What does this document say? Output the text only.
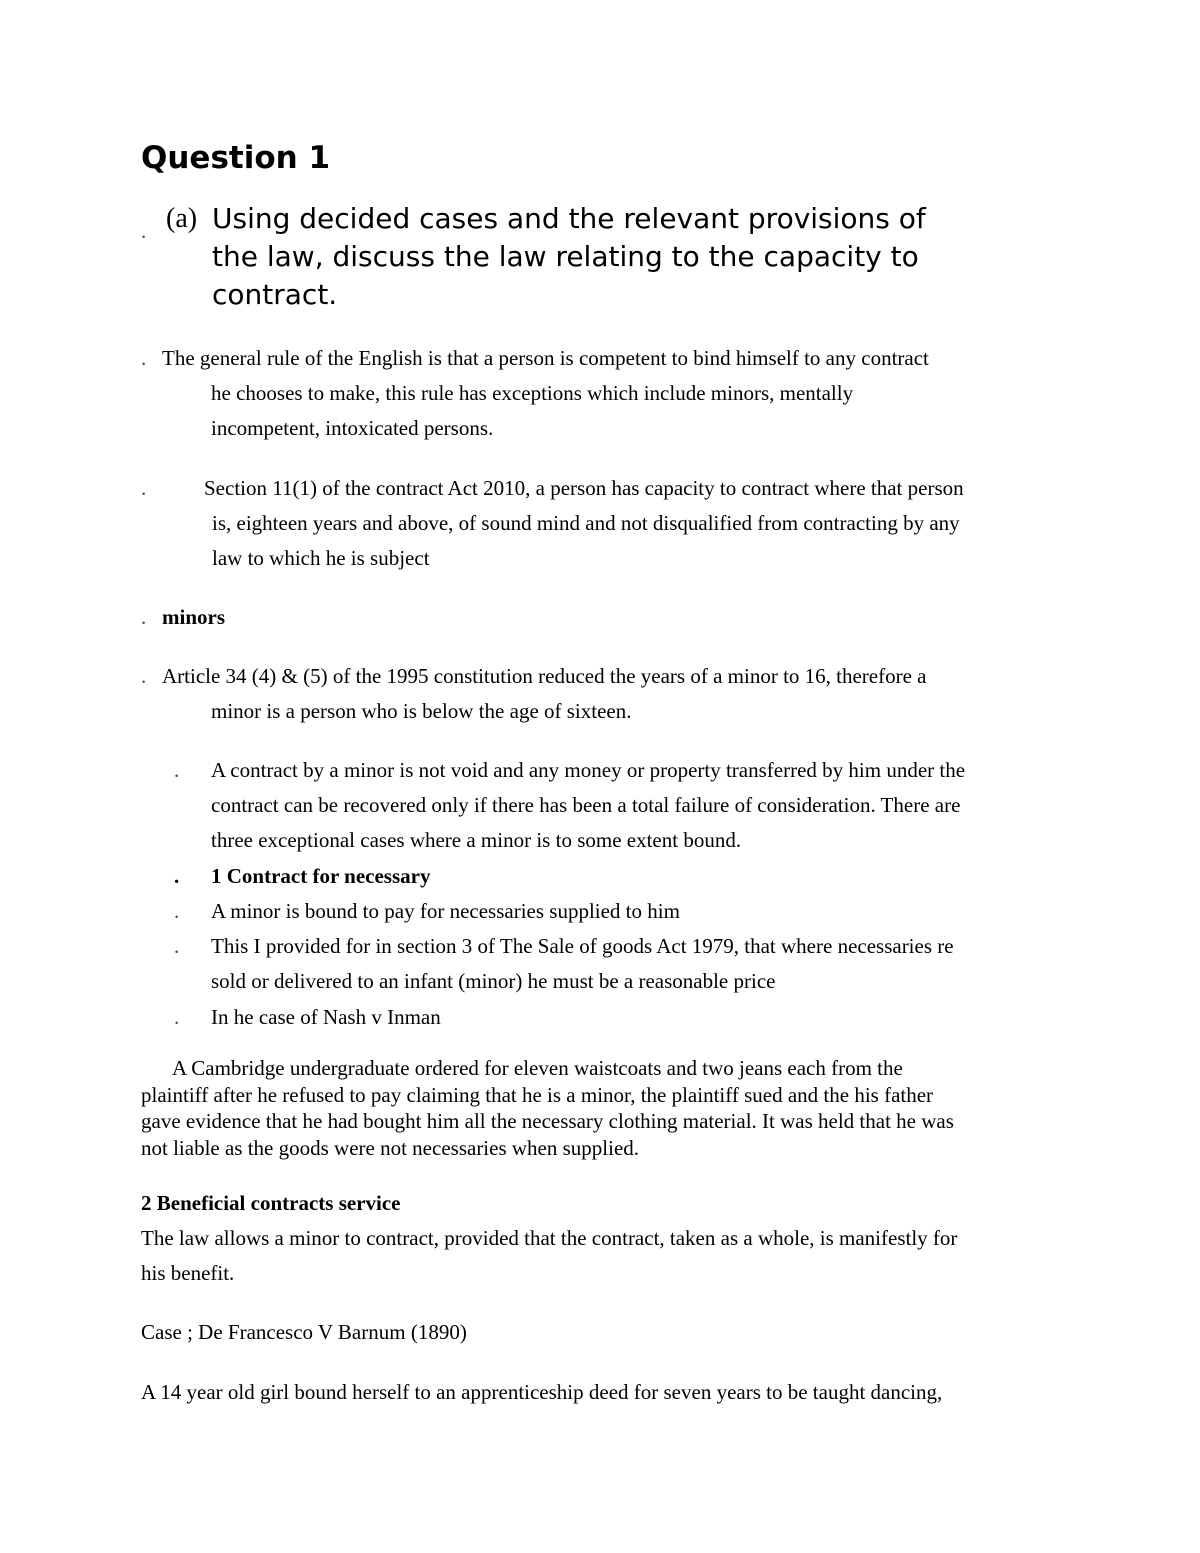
Question 1
. (a) Using decided cases and the relevant provisions of
the law, discuss the law relating to the capacity to
contract.
. The general rule of the English is that a person is competent to bind himself to any contract
he chooses to make, this rule has exceptions which include minors, mentally
incompetent, intoxicated persons.
.	Section 11(1) of the contract Act 2010, a person has capacity to contract where that person
is, eighteen years and above, of sound mind and not disqualified from contracting by any
law to which he is subject
. minors
. Article 34 (4) & (5) of the 1995 constitution reduced the years of a minor to 16, therefore a
minor is a person who is below the age of sixteen.
. A contract by a minor is not void and any money or property transferred by him under the
contract can be recovered only if there has been a total failure of consideration. There are
three exceptional cases where a minor is to some extent bound.
. 1 Contract for necessary
. A minor is bound to pay for necessaries supplied to him
. This I provided for in section 3 of The Sale of goods Act 1979, that where necessaries re
sold or delivered to an infant (minor) he must be a reasonable price
. In he case of Nash v Inman
A Cambridge undergraduate ordered for eleven waistcoats and two jeans each from the
plaintiff after he refused to pay claiming that he is a minor, the plaintiff sued and the his father
gave evidence that he had bought him all the necessary clothing material. It was held that he was
not liable as the goods were not necessaries when supplied.
2 Beneficial contracts service
The law allows a minor to contract, provided that the contract, taken as a whole, is manifestly for
his benefit.
Case ; De Francesco V Barnum (1890)
A 14 year old girl bound herself to an apprenticeship deed for seven years to be taught dancing,
